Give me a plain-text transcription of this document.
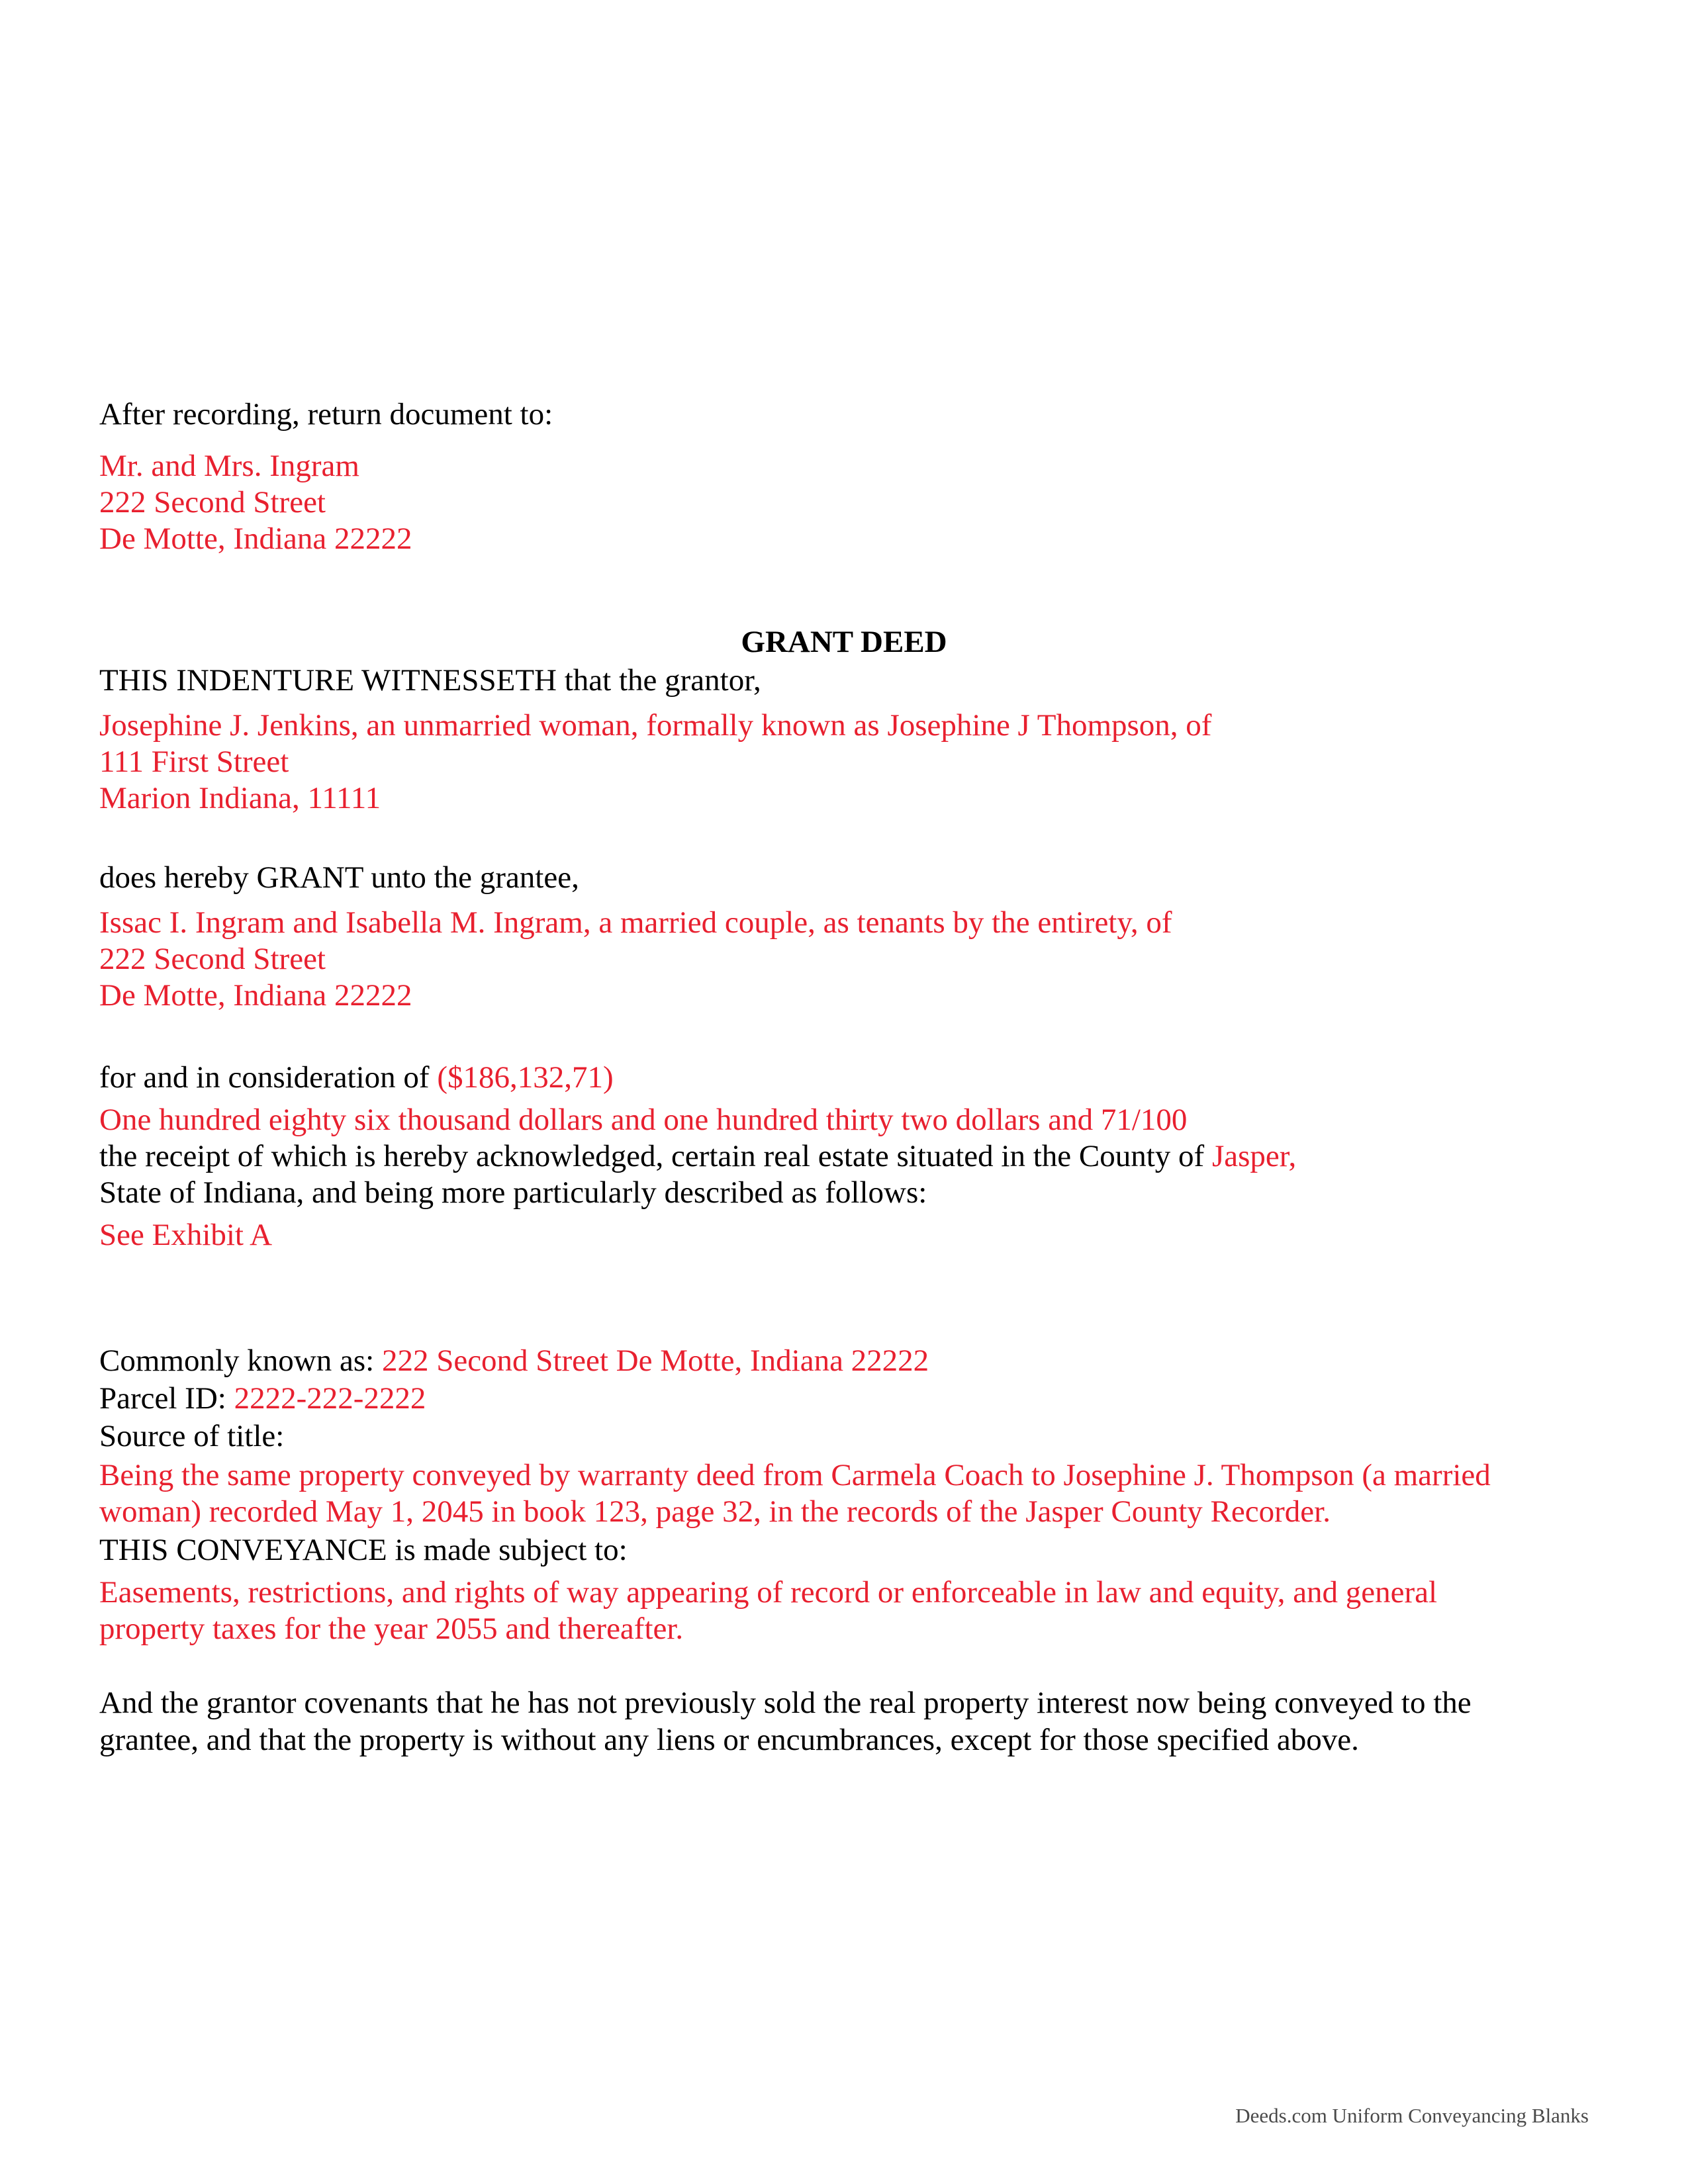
After recording, return document to:

Mr. and Mrs. Ingram

222 Second Street

De Motte, Indiana 22222

GRANT DEED

THIS INDENTURE WITNESSETH that the grantor,

Josephine J. Jenkins, an unmarried woman, formally known as Josephine J Thompson, of

111 First Street

Marion Indiana, 11111

does hereby GRANT unto the grantee,

Issac I. Ingram and Isabella M. Ingram, a married couple, as tenants by the entirety, of

222 Second Street

De Motte, Indiana 22222

for and in consideration of ($186,132,71)

One hundred eighty six thousand dollars and one hundred thirty two dollars and 71/100

the receipt of which is hereby acknowledged, certain real estate situated in the County of Jasper,

State of Indiana, and being more particularly described as follows:

See Exhibit A

Commonly known as: 222 Second Street De Motte, Indiana 22222

Parcel ID: 2222-222-2222

Source of title:

Being the same property conveyed by warranty deed from Carmela Coach to Josephine J. Thompson (a married

woman) recorded May 1, 2045 in book 123, page 32, in the records of the Jasper County Recorder.

THIS CONVEYANCE is made subject to:

Easements, restrictions, and rights of way appearing of record or enforceable in law and equity, and general

property taxes for the year 2055 and thereafter.

And the grantor covenants that he has not previously sold the real property interest now being conveyed to the

grantee, and that the property is without any liens or encumbrances, except for those specified above.

Deeds.com Uniform Conveyancing Blanks
